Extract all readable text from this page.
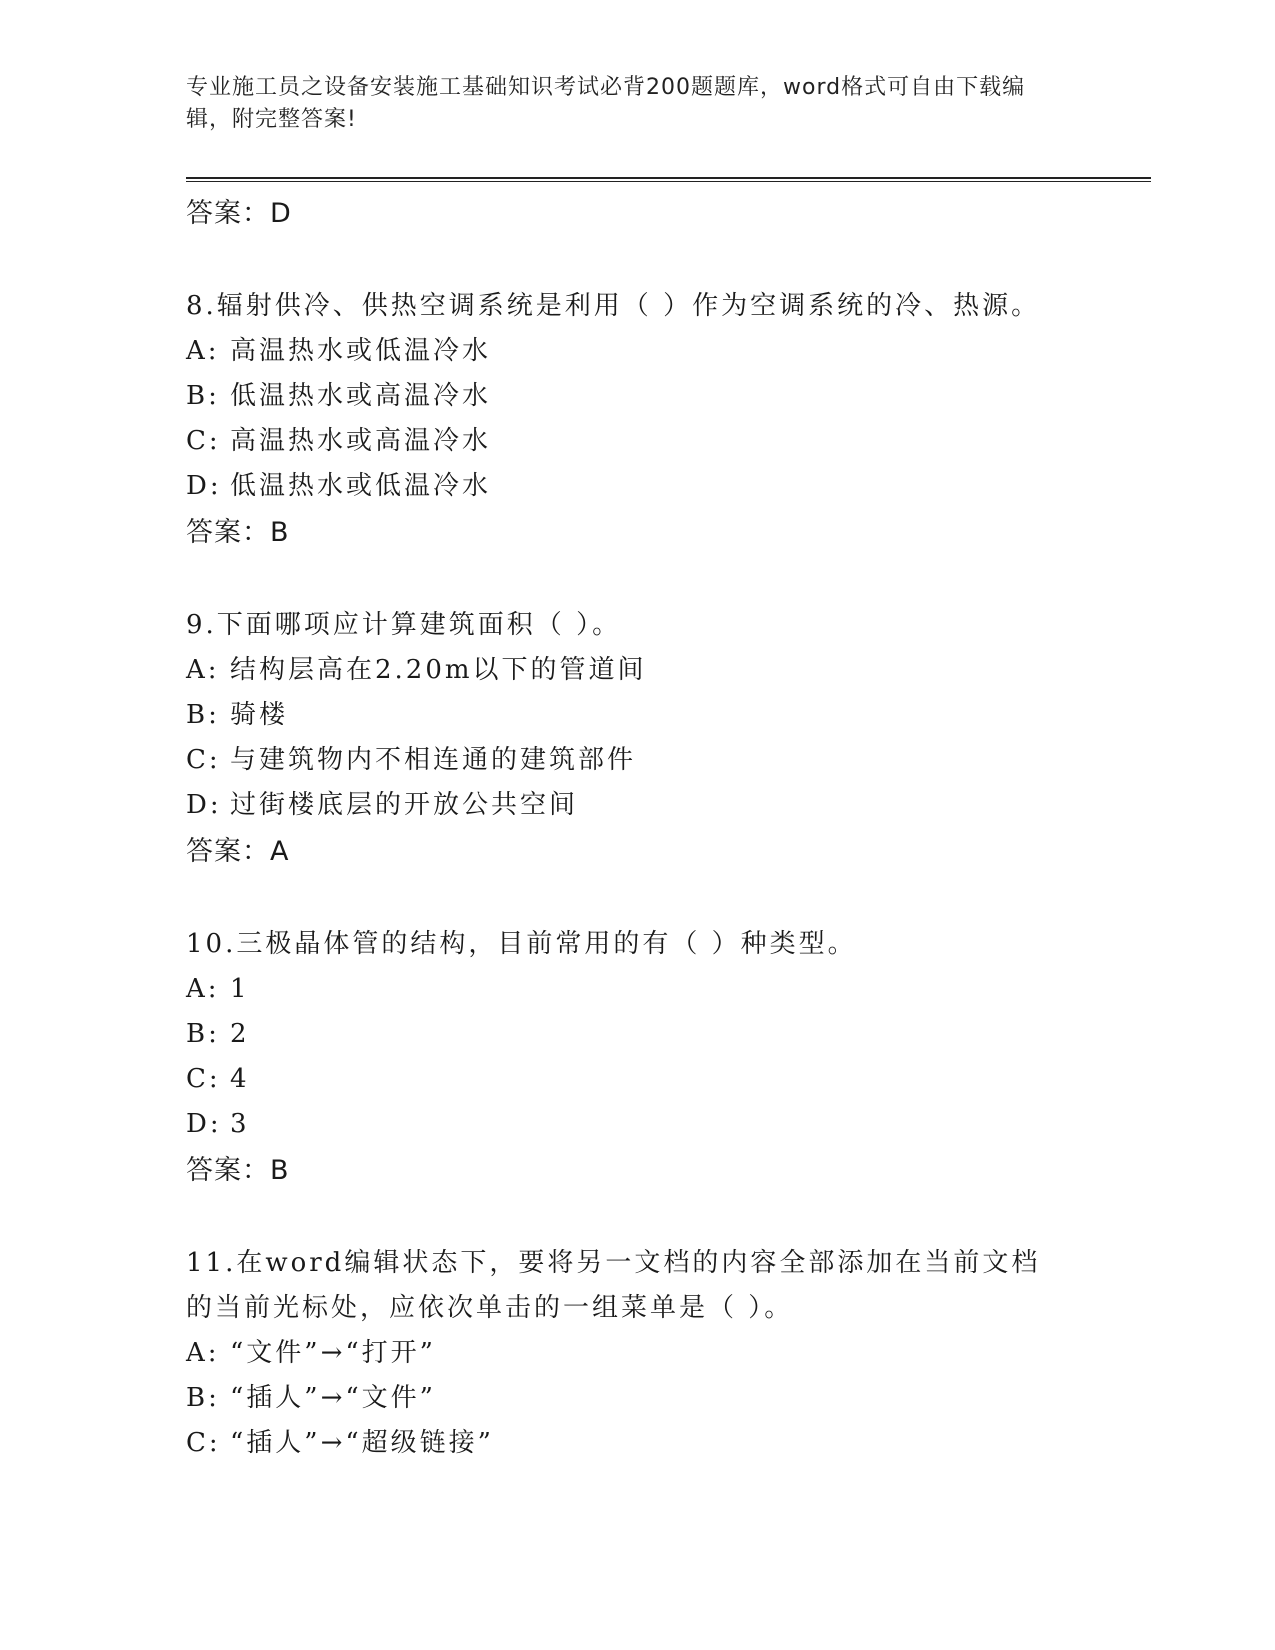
专业施工员之设备安装施工基础知识考试必背200题题库，word格式可自由下载编辑，附完整答案!
答案：D
8.辐射供冷、供热空调系统是利用（ ）作为空调系统的冷、热源。
A: 高温热水或低温冷水
B: 低温热水或高温冷水
C: 高温热水或高温冷水
D: 低温热水或低温冷水
答案：B
9.下面哪项应计算建筑面积（ ）。
A: 结构层高在2.20m以下的管道间
B: 骑楼
C: 与建筑物内不相连通的建筑部件
D: 过街楼底层的开放公共空间
答案：A
10.三极晶体管的结构，目前常用的有（ ）种类型。
A: 1
B: 2
C: 4
D: 3
答案：B
11.在word编辑状态下，要将另一文档的内容全部添加在当前文档的当前光标处，应依次单击的一组菜单是（ ）。
A: “文件”→“打开”
B: “插人”→“文件”
C: “插人”→“超级链接”
